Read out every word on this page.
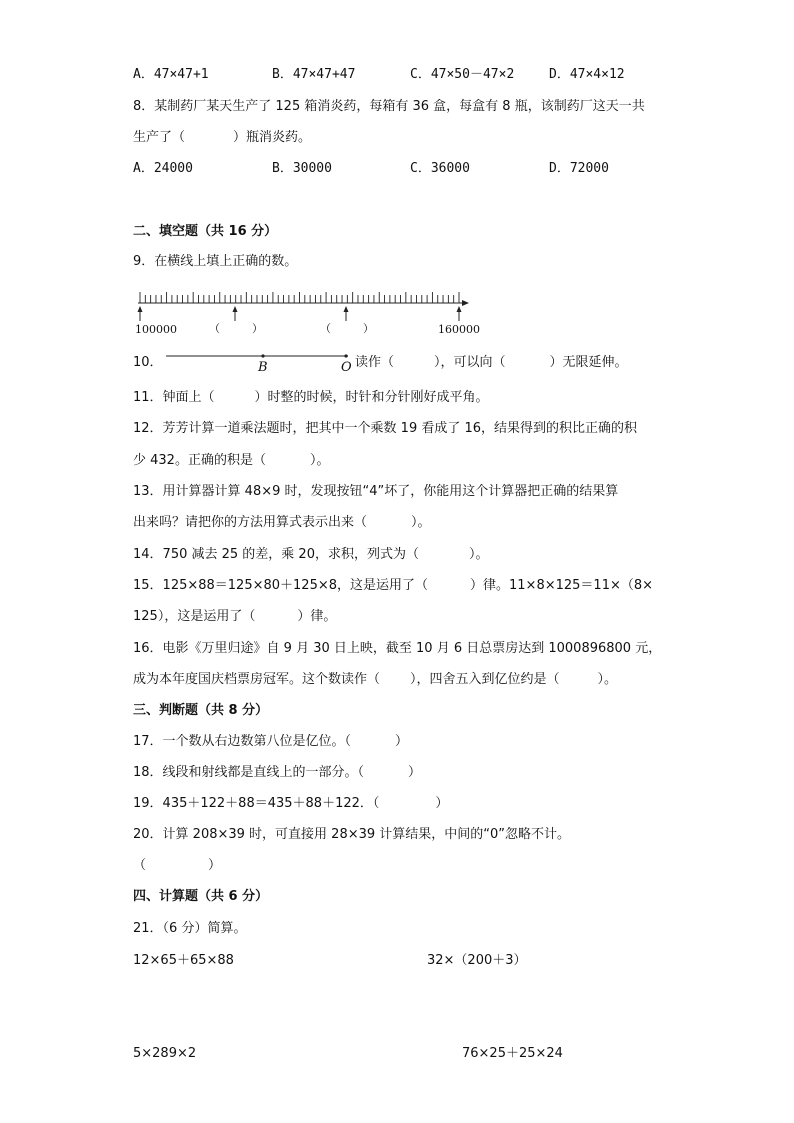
A．47×47+1	B．47×47+47	C．47×50－47×2	D．47×4×12
8．某制药厂某天生产了 125 箱消炎药，每箱有 36 盒，每盒有 8 瓶，该制药厂这天一共
生产了（	）瓶消炎药。
A．24000	B．30000	C．36000	D．72000
二、填空题（共 16 分）
9．在横线上填上正确的数。
100000	（	）	（	）	160000
10．	B	O 读作（	），可以向（	）无限延伸。
11．钟面上（	）时整的时候，时针和分针刚好成平角。
12．芳芳计算一道乘法题时，把其中一个乘数 19 看成了 16，结果得到的积比正确的积
少 432。正确的积是（	）。
13．用计算器计算 48×9 时，发现按钮“4”坏了，你能用这个计算器把正确的结果算
出来吗？请把你的方法用算式表示出来（	）。
14．750 减去 25 的差，乘 20，求积，列式为（	）。
15．125×88＝125×80＋125×8，这是运用了（	）律。11×8×125＝11×（8×
125），这是运用了（	）律。
16．电影《万里归途》自 9 月 30 日上映，截至 10 月 6 日总票房达到 1000896800 元，
成为本年度国庆档票房冠军。这个数读作（ ），四舍五入到亿位约是（	）。
三、判断题（共 8 分）
17．一个数从右边数第八位是亿位。（	）
18．线段和射线都是直线上的一部分。（	）
19．435＋122＋88＝435＋88＋122．（	）
20．计算 208×39 时，可直接用 28×39 计算结果，中间的“0”忽略不计。
（	）
四、计算题（共 6 分）
21．（6 分）简算。
12×65＋65×88	32×（200＋3）
5×289×2	76×25＋25×24
